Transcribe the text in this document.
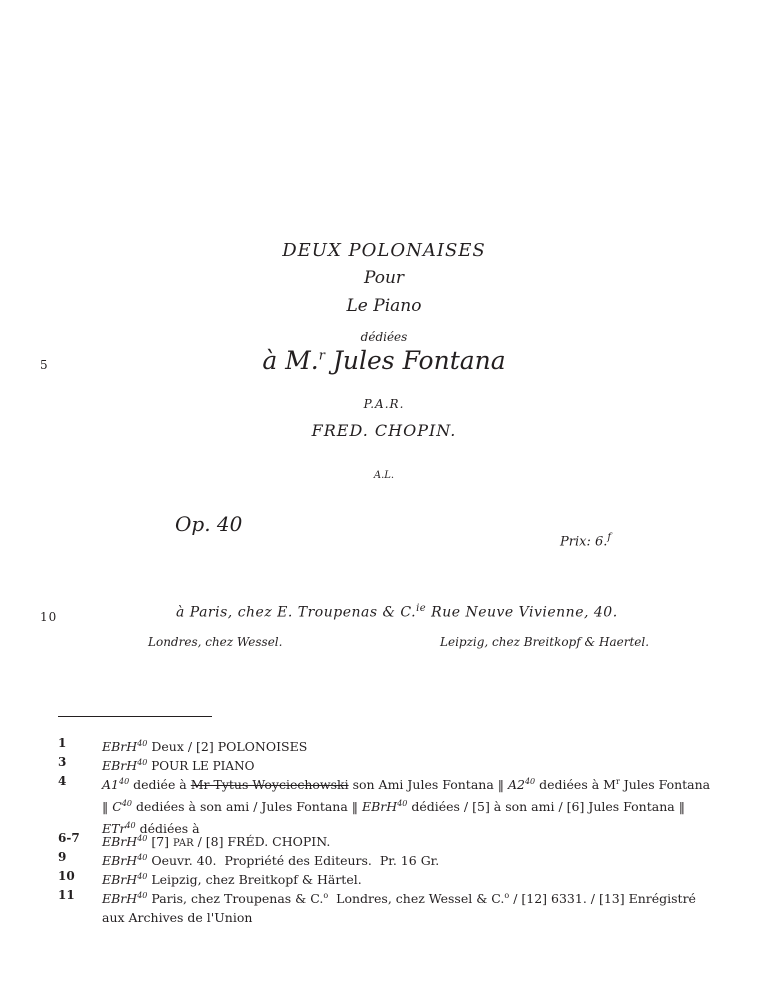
DEUX POLONAISES
Pour
Le Piano
dédiées
5	à M.$^r$ Jules Fontana
P.A.R.
FRED. CHOPIN.
A.L.
Op. 40
Prix: 6.$^f$
10	à Paris, chez E. Troupenas & C.$^{ie}$ Rue Neuve Vivienne, 40.
Londres, chez Wessel.	Leipzig, chez Breitkopf & Haertel.
1	EBrH$^{40}$ Deux / [2] POLONOISES
3	EBrH$^{40}$ POUR LE PIANO
4	$A1^{40}$ dediée à Mr Tytus Woyciechowski son Ami Jules Fontana ‖ $A2^{40}$ dediées à $M^r$ Jules Fontana ‖ $C^{40}$ dediées à son ami / Jules Fontana ‖ EBrH$^{40}$ dédiées / [5] à son ami / [6] Jules Fontana ‖ ETr$^{40}$ dédiées à
6-7	EBrH$^{40}$ [7] PAR / [8] FRÉD. CHOPIN.
9	EBrH$^{40}$ Oeuvr. 40.  Propriété des Editeurs.  Pr. 16 Gr.
10	EBrH$^{40}$ Leipzig, chez Breitkopf & Härtel.
11	EBrH$^{40}$ Paris, chez Troupenas & C.$^o$  Londres, chez Wessel & C.$^o$ / [12] 6331. / [13] Enrégistré aux Archives de l'Union
